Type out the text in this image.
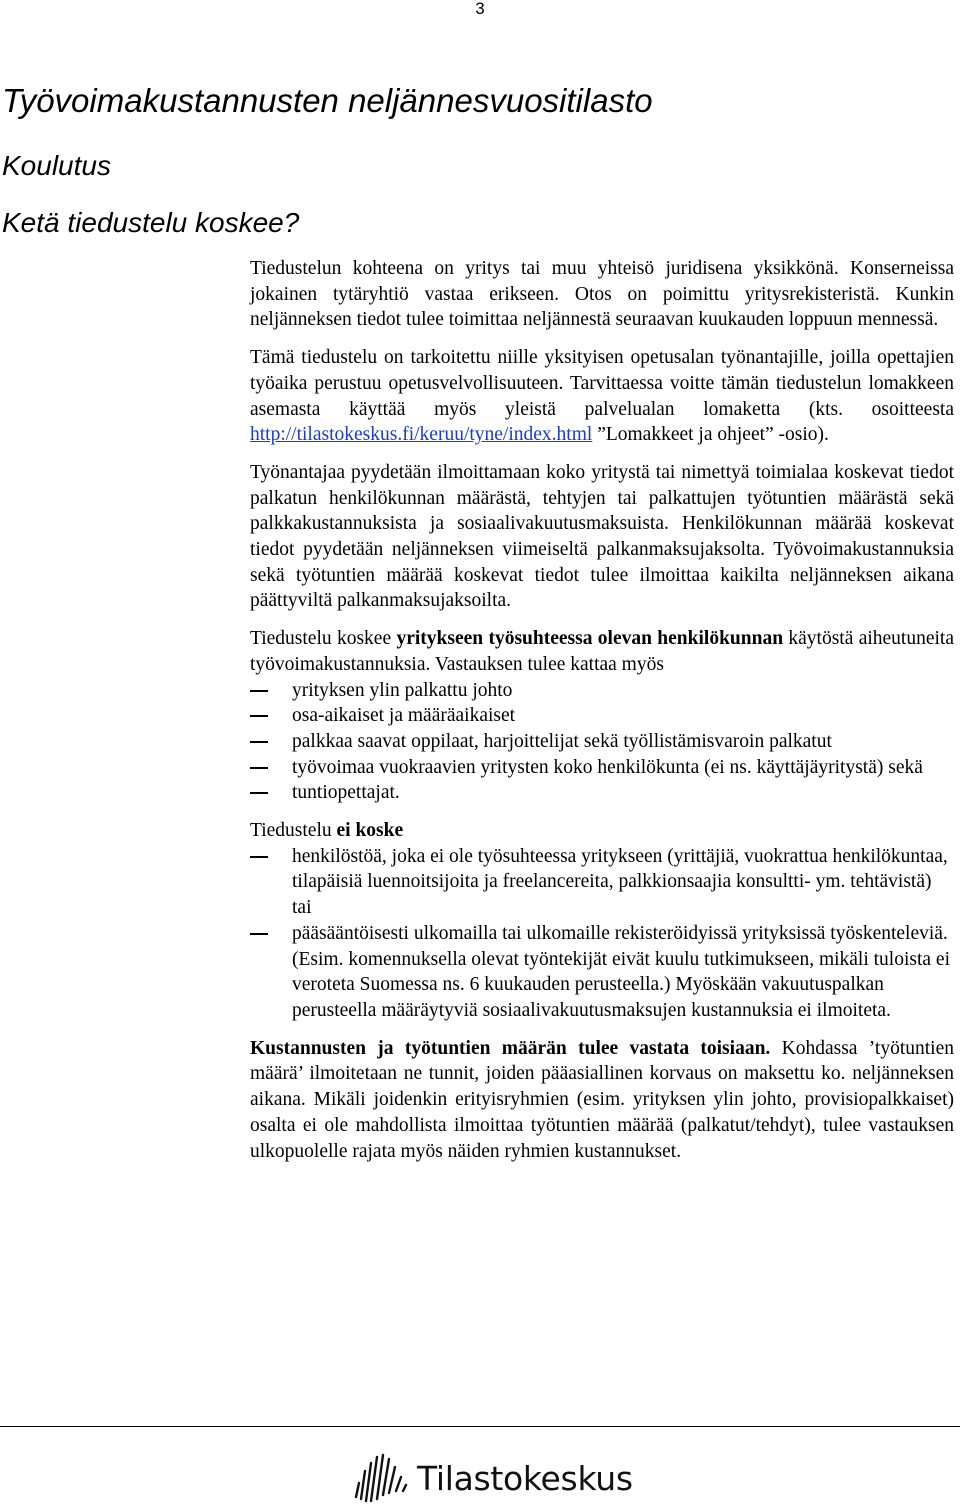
3
Työvoimakustannusten neljännesvuositilasto
Koulutus
Ketä tiedustelu koskee?

Tiedustelun kohteena on yritys tai muu yhteisö juridisena yksikkönä. Konserneissa jokainen tytäryhtiö vastaa erikseen. Otos on poimittu yritysrekisteristä. Kunkin neljänneksen tiedot tulee toimittaa neljännestä seuraavan kuukauden loppuun mennessä.

Tämä tiedustelu on tarkoitettu niille yksityisen opetusalan työnantajille, joilla opettajien työaika perustuu opetusvelvollisuuteen. Tarvittaessa voitte tämän tiedustelun lomakkeen asemasta käyttää myös yleistä palvelualan lomaketta (kts. osoitteesta http://tilastokeskus.fi/keruu/tyne/index.html ”Lomakkeet ja ohjeet” -osio).

Työnantajaa pyydetään ilmoittamaan koko yritystä tai nimettyä toimialaa koskevat tiedot palkatun henkilökunnan määrästä, tehtyjen tai palkattujen työtuntien määrästä sekä palkkakustannuksista ja sosiaalivakuutusmaksuista. Henkilökunnan määrää koskevat tiedot pyydetään neljänneksen viimeiseltä palkanmaksujaksolta. Työvoimakustannuksia sekä työtuntien määrää koskevat tiedot tulee ilmoittaa kaikilta neljänneksen aikana päättyviltä palkanmaksujaksoilta.

Tiedustelu koskee yritykseen työsuhteessa olevan henkilökunnan käytöstä aiheutuneita työvoimakustannuksia. Vastauksen tulee kattaa myös

yrityksen ylin palkattu johto
osa-aikaiset ja määräaikaiset
palkkaa saavat oppilaat, harjoittelijat sekä työllistämisvaroin palkatut
työvoimaa vuokraavien yritysten koko henkilökunta (ei ns. käyttäjäyritystä) sekä
tuntiopettajat.

Tiedustelu ei koske

henkilöstöä, joka ei ole työsuhteessa yritykseen (yrittäjiä, vuokrattua henkilökuntaa, tilapäisiä luennoitsijoita ja freelancereita, palkkionsaajia konsultti- ym. tehtävistä) tai
pääsääntöisesti ulkomailla tai ulkomaille rekisteröidyissä yrityksissä työskenteleviä. (Esim. komennuksella olevat työntekijät eivät kuulu tutkimukseen, mikäli tuloista ei veroteta Suomessa ns. 6 kuukauden perusteella.) Myöskään vakuutuspalkan perusteella määräytyviä sosiaalivakuutusmaksujen kustannuksia ei ilmoiteta.

Kustannusten ja työtuntien määrän tulee vastata toisiaan. Kohdassa ’työtuntien määrä’ ilmoitetaan ne tunnit, joiden pääasiallinen korvaus on maksettu ko. neljänneksen aikana. Mikäli joidenkin erityisryhmien (esim. yrityksen ylin johto, provisiopalkkaiset) osalta ei ole mahdollista ilmoittaa työtuntien määrää (palkatut/tehdyt), tulee vastauksen ulkopuolelle rajata myös näiden ryhmien kustannukset.

Tilastokeskus
